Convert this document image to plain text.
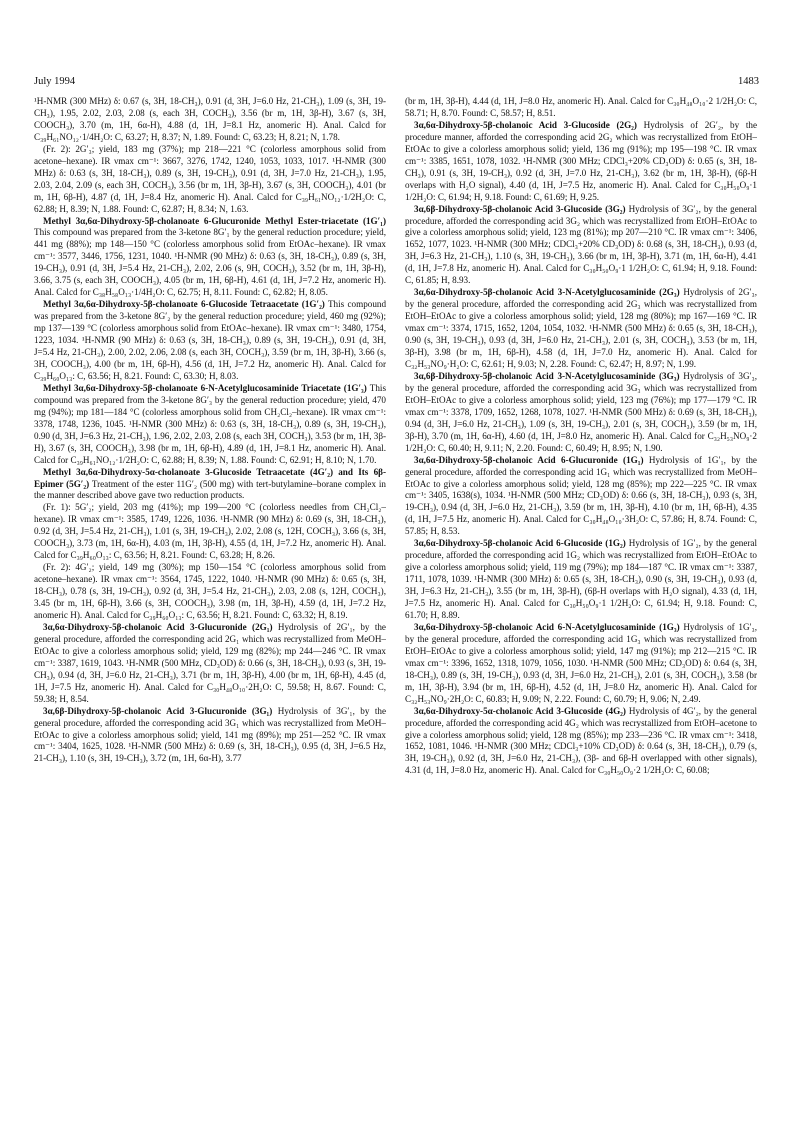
July 1994	1483

¹H-NMR (300 MHz) δ: 0.67 (s, 3H, 18-CH₃), 0.91 (d, 3H, J=6.0 Hz, 21-CH₃), 1.09 (s, 3H, 19-CH₃), 1.95, 2.02, 2.03, 2.08 (s, each 3H, COCH₃), 3.56 (br m, 1H, 3β-H), 3.67 (s, 3H, COOCH₃), 3.70 (m, 1H, 6α-H), 4.88 (d, 1H, J=8.1 Hz, anomeric H). Anal. Calcd for C₃₉H₆₁NO₁₂·1/4H₂O: C, 63.27; H, 8.37; N, 1.89. Found: C, 63.23; H, 8.21; N, 1.78.

(Fr. 2): 2G′₃; yield, 183 mg (37%); mp 218—221 °C (colorless amorphous solid from acetone–hexane). IR νmax cm⁻¹: 3667, 3276, 1742, 1240, 1053, 1033, 1017. ¹H-NMR (300 MHz) δ: 0.63 (s, 3H, 18-CH₃), 0.89 (s, 3H, 19-CH₃), 0.91 (d, 3H, J=7.0 Hz, 21-CH₃), 1.95, 2.03, 2.04, 2.09 (s, each 3H, COCH₃), 3.56 (br m, 1H, 3β-H), 3.67 (s, 3H, COOCH₃), 4.01 (br m, 1H, 6β-H), 4.87 (d, 1H, J=8.4 Hz, anomeric H). Anal. Calcd for C₃₉H₆₁NO₁₂·1/2H₂O: C, 62.88; H, 8.39; N, 1.88. Found: C, 62.87; H, 8.34; N, 1.63.

Methyl 3α,6α-Dihydroxy-5β-cholanoate 6-Glucuronide Methyl Ester-triacetate (1G′₁) This compound was prepared from the 3-ketone 8G′₁ by the general reduction procedure; yield, 441 mg (88%); mp 148—150 °C (colorless amorphous solid from EtOAc–hexane). IR νmax cm⁻¹: 3577, 3446, 1756, 1231, 1040. ¹H-NMR (90 MHz) δ: 0.63 (s, 3H, 18-CH₃), 0.89 (s, 3H, 19-CH₃), 0.91 (d, 3H, J=5.4 Hz, 21-CH₃), 2.02, 2.06 (s, 9H, COCH₃), 3.52 (br m, 1H, 3β-H), 3.66, 3.75 (s, each 3H, COOCH₃), 4.05 (br m, 1H, 6β-H), 4.61 (d, 1H, J=7.2 Hz, anomeric H). Anal. Calcd for C₃₈H₅₈O₁₃·1/4H₂O: C, 62.75; H, 8.11. Found: C, 62.82; H, 8.05.

Methyl 3α,6α-Dihydroxy-5β-cholanoate 6-Glucoside Tetraacetate (1G′₂) This compound was prepared from the 3-ketone 8G′₂ by the general reduction procedure; yield, 460 mg (92%); mp 137—139 °C (colorless amorphous solid from EtOAc–hexane). IR νmax cm⁻¹: 3480, 1754, 1223, 1034. ¹H-NMR (90 MHz) δ: 0.63 (s, 3H, 18-CH₃), 0.89 (s, 3H, 19-CH₃), 0.91 (d, 3H, J=5.4 Hz, 21-CH₃), 2.00, 2.02, 2.06, 2.08 (s, each 3H, COCH₃), 3.59 (br m, 1H, 3β-H), 3.66 (s, 3H, COOCH₃), 4.00 (br m, 1H, 6β-H), 4.56 (d, 1H, J=7.2 Hz, anomeric H). Anal. Calcd for C₃₉H₆₀O₁₃: C, 63.56; H, 8.21. Found: C, 63.30; H, 8.03.

Methyl 3α,6α-Dihydroxy-5β-cholanoate 6-N-Acetylglucosaminide Triacetate (1G′₃) This compound was prepared from the 3-ketone 8G′₃ by the general reduction procedure; yield, 470 mg (94%); mp 181—184 °C (colorless amorphous solid from CH₂Cl₂–hexane). IR νmax cm⁻¹: 3378, 1748, 1236, 1045. ¹H-NMR (300 MHz) δ: 0.63 (s, 3H, 18-CH₃), 0.89 (s, 3H, 19-CH₃), 0.90 (d, 3H, J=6.3 Hz, 21-CH₃), 1.96, 2.02, 2.03, 2.08 (s, each 3H, COCH₃), 3.53 (br m, 1H, 3β-H), 3.67 (s, 3H, COOCH₃), 3.98 (br m, 1H, 6β-H), 4.89 (d, 1H, J=8.1 Hz, anomeric H). Anal. Calcd for C₃₉H₆₁NO₁₂·1/2H₂O: C, 62.88; H, 8.39; N, 1.88. Found: C, 62.91; H, 8.10; N, 1.70.

Methyl 3α,6α-Dihydroxy-5α-cholanoate 3-Glucoside Tetraacetate (4G′₂) and Its 6β-Epimer (5G′₂) Treatment of the ester 11G′₂ (500 mg) with tert-butylamine–borane complex in the manner described above gave two reduction products.

(Fr. 1): 5G′₂; yield, 203 mg (41%); mp 199—200 °C (colorless needles from CH₂Cl₂–hexane). IR νmax cm⁻¹: 3585, 1749, 1226, 1036. ¹H-NMR (90 MHz) δ: 0.69 (s, 3H, 18-CH₃), 0.92 (d, 3H, J=5.4 Hz, 21-CH₃), 1.01 (s, 3H, 19-CH₃), 2.02, 2.08 (s, 12H, COCH₃), 3.66 (s, 3H, COOCH₃), 3.73 (m, 1H, 6α-H), 4.03 (m, 1H, 3β-H), 4.55 (d, 1H, J=7.2 Hz, anomeric H). Anal. Calcd for C₃₉H₆₀O₁₃: C, 63.56; H, 8.21. Found: C, 63.28; H, 8.26.

(Fr. 2): 4G′₂; yield, 149 mg (30%); mp 150—154 °C (colorless amorphous solid from acetone–hexane). IR νmax cm⁻¹: 3564, 1745, 1222, 1040. ¹H-NMR (90 MHz) δ: 0.65 (s, 3H, 18-CH₃), 0.78 (s, 3H, 19-CH₃), 0.92 (d, 3H, J=5.4 Hz, 21-CH₃), 2.03, 2.08 (s, 12H, COCH₃), 3.45 (br m, 1H, 6β-H), 3.66 (s, 3H, COOCH₃), 3.98 (m, 1H, 3β-H), 4.59 (d, 1H, J=7.2 Hz, anomeric H). Anal. Calcd for C₃₉H₆₀O₁₃: C, 63.56; H, 8.21. Found: C, 63.32; H, 8.19.

3α,6α-Dihydroxy-5β-cholanoic Acid 3-Glucuronide (2G₁) Hydrolysis of 2G′₁, by the general procedure, afforded the corresponding acid 2G₁ which was recrystallized from MeOH–EtOAc to give a colorless amorphous solid; yield, 129 mg (82%); mp 244—246 °C. IR νmax cm⁻¹: 3387, 1619, 1043. ¹H-NMR (500 MHz, CD₃OD) δ: 0.66 (s, 3H, 18-CH₃), 0.93 (s, 3H, 19-CH₃), 0.94 (d, 3H, J=6.0 Hz, 21-CH₃), 3.71 (br m, 1H, 3β-H), 4.00 (br m, 1H, 6β-H), 4.45 (d, 1H, J=7.5 Hz, anomeric H). Anal. Calcd for C₃₀H₄₈O₁₀·2H₂O: C, 59.58; H, 8.67. Found: C, 59.38; H, 8.54.

3α,6β-Dihydroxy-5β-cholanoic Acid 3-Glucuronide (3G₁) Hydrolysis of 3G′₁, by the general procedure, afforded the corresponding acid 3G₁ which was recrystallized from MeOH–EtOAc to give a colorless amorphous solid; yield, 141 mg (89%); mp 251—252 °C. IR νmax cm⁻¹: 3404, 1625, 1028. ¹H-NMR (500 MHz) δ: 0.69 (s, 3H, 18-CH₃), 0.95 (d, 3H, J=6.5 Hz, 21-CH₃), 1.10 (s, 3H, 19-CH₃), 3.72 (m, 1H, 6α-H), 3.77

(br m, 1H, 3β-H), 4.44 (d, 1H, J=8.0 Hz, anomeric H). Anal. Calcd for C₃₀H₄₈O₁₀·2 1/2H₂O: C, 58.71; H, 8.70. Found: C, 58.57; H, 8.51.

3α,6α-Dihydroxy-5β-cholanoic Acid 3-Glucoside (2G₂) Hydrolysis of 2G′₂, by the procedure manner, afforded the corresponding acid 2G₂ which was recrystallized from EtOH–EtOAc to give a colorless amorphous solid; yield, 136 mg (91%); mp 195—198 °C. IR νmax cm⁻¹: 3385, 1651, 1078, 1032. ¹H-NMR (300 MHz; CDCl₃+20% CD₃OD) δ: 0.65 (s, 3H, 18-CH₃), 0.91 (s, 3H, 19-CH₃), 0.92 (d, 3H, J=7.0 Hz, 21-CH₃), 3.62 (br m, 1H, 3β-H), (6β-H overlaps with H₂O signal), 4.40 (d, 1H, J=7.5 Hz, anomeric H). Anal. Calcd for C₃₀H₅₀O₉·1 1/2H₂O: C, 61.94; H, 9.18. Found: C, 61.69; H, 9.25.

3α,6β-Dihydroxy-5β-cholanoic Acid 3-Glucoside (3G₂) Hydrolysis of 3G′₂, by the general procedure, afforded the corresponding acid 3G₂ which was recrystallized from EtOH–EtOAc to give a colorless amorphous solid; yield, 123 mg (81%); mp 207—210 °C. IR νmax cm⁻¹: 3406, 1652, 1077, 1023. ¹H-NMR (300 MHz; CDCl₃+20% CD₃OD) δ: 0.68 (s, 3H, 18-CH₃), 0.93 (d, 3H, J=6.3 Hz, 21-CH₃), 1.10 (s, 3H, 19-CH₃), 3.66 (br m, 1H, 3β-H), 3.71 (m, 1H, 6α-H), 4.41 (d, 1H, J=7.8 Hz, anomeric H). Anal. Calcd for C₃₀H₅₀O₉·1 1/2H₂O: C, 61.94; H, 9.18. Found: C, 61.85; H, 8.93.

3α,6α-Dihydroxy-5β-cholanoic Acid 3-N-Acetylglucosaminide (2G₃) Hydrolysis of 2G′₃, by the general procedure, afforded the corresponding acid 2G₃ which was recrystallized from EtOH–EtOAc to give a colorless amorphous solid; yield, 128 mg (80%); mp 167—169 °C. IR νmax cm⁻¹: 3374, 1715, 1652, 1204, 1054, 1032. ¹H-NMR (500 MHz) δ: 0.65 (s, 3H, 18-CH₃), 0.90 (s, 3H, 19-CH₃), 0.93 (d, 3H, J=6.0 Hz, 21-CH₃), 2.01 (s, 3H, COCH₃), 3.53 (br m, 1H, 3β-H), 3.98 (br m, 1H, 6β-H), 4.58 (d, 1H, J=7.0 Hz, anomeric H). Anal. Calcd for C₃₂H₅₃NO₉·H₂O: C, 62.61; H, 9.03; N, 2.28. Found: C, 62.47; H, 8.97; N, 1.99.

3α,6β-Dihydroxy-5β-cholanoic Acid 3-N-Acetylglucosaminide (3G₃) Hydrolysis of 3G′₃, by the general procedure, afforded the corresponding acid 3G₃ which was recrystallized from EtOH–EtOAc to give a colorless amorphous solid; yield, 123 mg (76%); mp 177—179 °C. IR νmax cm⁻¹: 3378, 1709, 1652, 1268, 1078, 1027. ¹H-NMR (500 MHz) δ: 0.69 (s, 3H, 18-CH₃), 0.94 (d, 3H, J=6.0 Hz, 21-CH₃), 1.09 (s, 3H, 19-CH₃), 2.01 (s, 3H, COCH₃), 3.59 (br m, 1H, 3β-H), 3.70 (m, 1H, 6α-H), 4.60 (d, 1H, J=8.0 Hz, anomeric H). Anal. Calcd for C₃₂H₅₃NO₉·2 1/2H₂O: C, 60.40; H, 9.11; N, 2.20. Found: C, 60.49; H, 8.95; N, 1.90.

3α,6α-Dihydroxy-5β-cholanoic Acid 6-Glucuronide (1G₁) Hydrolysis of 1G′₁, by the general procedure, afforded the corresponding acid 1G₁ which was recrystallized from MeOH–EtOAc to give a colorless amorphous solid; yield, 128 mg (85%); mp 222—225 °C. IR νmax cm⁻¹: 3405, 1638(s), 1034. ¹H-NMR (500 MHz; CD₃OD) δ: 0.66 (s, 3H, 18-CH₃), 0.93 (s, 3H, 19-CH₃), 0.94 (d, 3H, J=6.0 Hz, 21-CH₃), 3.59 (br m, 1H, 3β-H), 4.10 (br m, 1H, 6β-H), 4.35 (d, 1H, J=7.5 Hz, anomeric H). Anal. Calcd for C₃₀H₄₈O₁₀·3H₂O: C, 57.86; H, 8.74. Found: C, 57.85; H, 8.53.

3α,6α-Dihydroxy-5β-cholanoic Acid 6-Glucoside (1G₂) Hydrolysis of 1G′₂, by the general procedure, afforded the corresponding acid 1G₂ which was recrystallized from EtOH–EtOAc to give a colorless amorphous solid; yield, 119 mg (79%); mp 184—187 °C. IR νmax cm⁻¹: 3387, 1711, 1078, 1039. ¹H-NMR (300 MHz) δ: 0.65 (s, 3H, 18-CH₃), 0.90 (s, 3H, 19-CH₃), 0.93 (d, 3H, J=6.3 Hz, 21-CH₃), 3.55 (br m, 1H, 3β-H), (6β-H overlaps with H₂O signal), 4.33 (d, 1H, J=7.5 Hz, anomeric H). Anal. Calcd for C₃₀H₅₀O₉·1 1/2H₂O: C, 61.94; H, 9.18. Found: C, 61.70; H, 8.89.

3α,6α-Dihydroxy-5β-cholanoic Acid 6-N-Acetylglucosaminide (1G₃) Hydrolysis of 1G′₃, by the general procedure, afforded the corresponding acid 1G₃ which was recrystallized from EtOH–EtOAc to give a colorless amorphous solid; yield, 147 mg (91%); mp 212—215 °C. IR νmax cm⁻¹: 3396, 1652, 1318, 1079, 1056, 1030. ¹H-NMR (500 MHz; CD₃OD) δ: 0.64 (s, 3H, 18-CH₃), 0.89 (s, 3H, 19-CH₃), 0.93 (d, 3H, J=6.0 Hz, 21-CH₃), 2.01 (s, 3H, COCH₃), 3.58 (br m, 1H, 3β-H), 3.94 (br m, 1H, 6β-H), 4.52 (d, 1H, J=8.0 Hz, anomeric H). Anal. Calcd for C₃₂H₅₃NO₉·2H₂O: C, 60.83; H, 9.09; N, 2.22. Found: C, 60.79; H, 9.06; N, 2.49.

3α,6α-Dihydroxy-5α-cholanoic Acid 3-Glucoside (4G₂) Hydrolysis of 4G′₂, by the general procedure, afforded the corresponding acid 4G₂ which was recrystallized from EtOH–acetone to give a colorless amorphous solid; yield, 128 mg (85%); mp 233—236 °C. IR νmax cm⁻¹: 3418, 1652, 1081, 1046. ¹H-NMR (300 MHz; CDCl₃+10% CD₃OD) δ: 0.64 (s, 3H, 18-CH₃), 0.79 (s, 3H, 19-CH₃), 0.92 (d, 3H, J=6.0 Hz, 21-CH₃), (3β- and 6β-H overlapped with other signals), 4.31 (d, 1H, J=8.0 Hz, anomeric H). Anal. Calcd for C₃₀H₅₀O₉·2 1/2H₂O: C, 60.08;
